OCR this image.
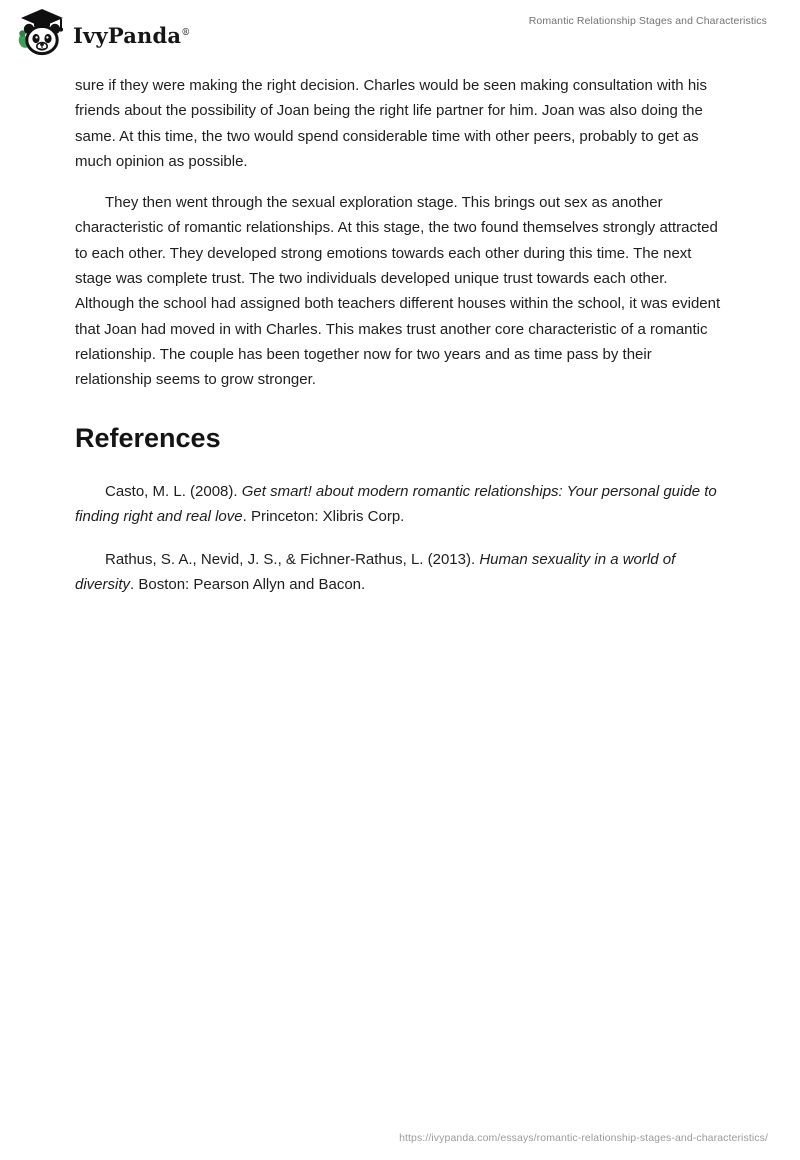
IvyPanda®
Romantic Relationship Stages and Characteristics

sure if they were making the right decision. Charles would be seen making consultation with his friends about the possibility of Joan being the right life partner for him. Joan was also doing the same. At this time, the two would spend considerable time with other peers, probably to get as much opinion as possible.

They then went through the sexual exploration stage. This brings out sex as another characteristic of romantic relationships. At this stage, the two found themselves strongly attracted to each other. They developed strong emotions towards each other during this time. The next stage was complete trust. The two individuals developed unique trust towards each other. Although the school had assigned both teachers different houses within the school, it was evident that Joan had moved in with Charles. This makes trust another core characteristic of a romantic relationship. The couple has been together now for two years and as time pass by their relationship seems to grow stronger.

References

Casto, M. L. (2008). Get smart! about modern romantic relationships: Your personal guide to finding right and real love. Princeton: Xlibris Corp.

Rathus, S. A., Nevid, J. S., & Fichner-Rathus, L. (2013). Human sexuality in a world of diversity. Boston: Pearson Allyn and Bacon.

https://ivypanda.com/essays/romantic-relationship-stages-and-characteristics/
